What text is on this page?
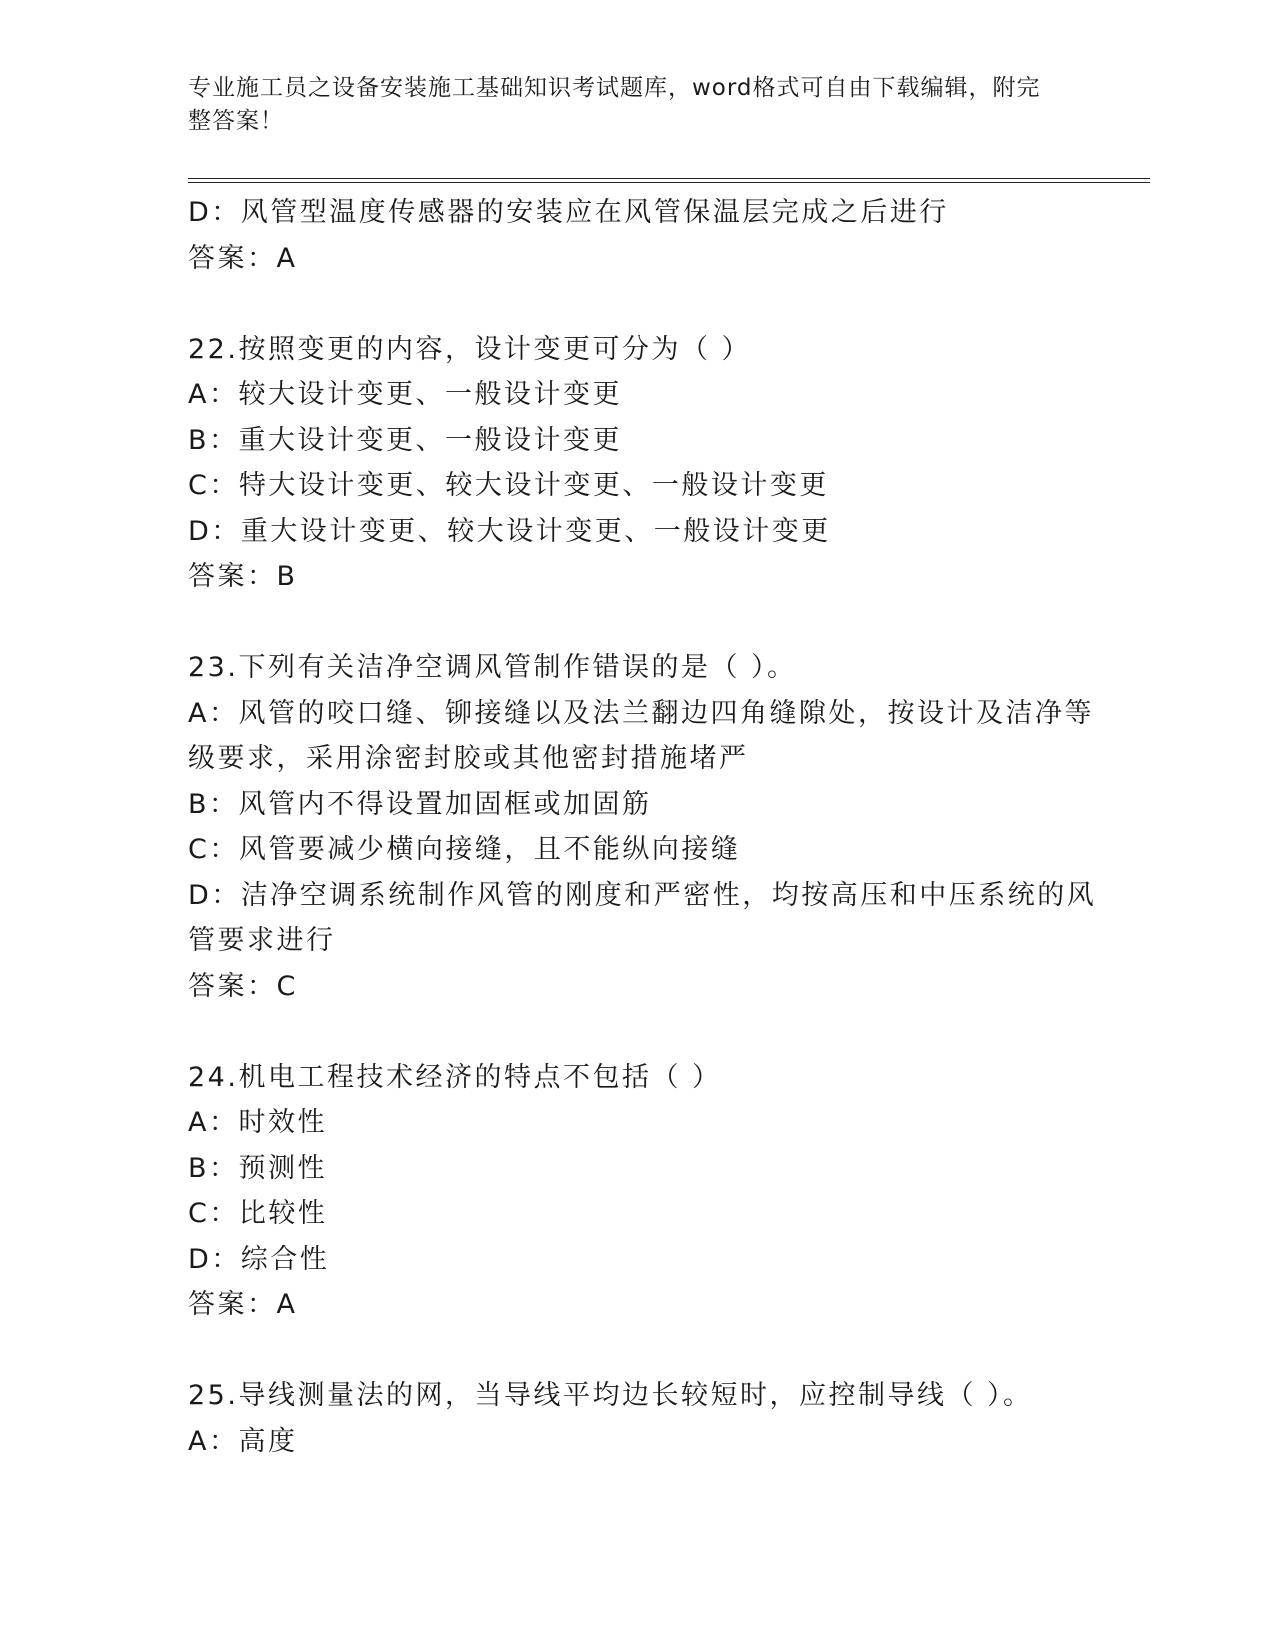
专业施工员之设备安装施工基础知识考试题库，word格式可自由下载编辑，附完
整答案！
D：风管型温度传感器的安装应在风管保温层完成之后进行
答案：A
22.按照变更的内容，设计变更可分为（ ）
A：较大设计变更、一般设计变更
B：重大设计变更、一般设计变更
C：特大设计变更、较大设计变更、一般设计变更
D：重大设计变更、较大设计变更、一般设计变更
答案：B
23.下列有关洁净空调风管制作错误的是（ ）。
A：风管的咬口缝、铆接缝以及法兰翻边四角缝隙处，按设计及洁净等
级要求，采用涂密封胶或其他密封措施堵严
B：风管内不得设置加固框或加固筋
C：风管要减少横向接缝，且不能纵向接缝
D：洁净空调系统制作风管的刚度和严密性，均按高压和中压系统的风
管要求进行
答案：C
24.机电工程技术经济的特点不包括（ ）
A：时效性
B：预测性
C：比较性
D：综合性
答案：A
25.导线测量法的网，当导线平均边长较短时，应控制导线（ ）。
A：高度
